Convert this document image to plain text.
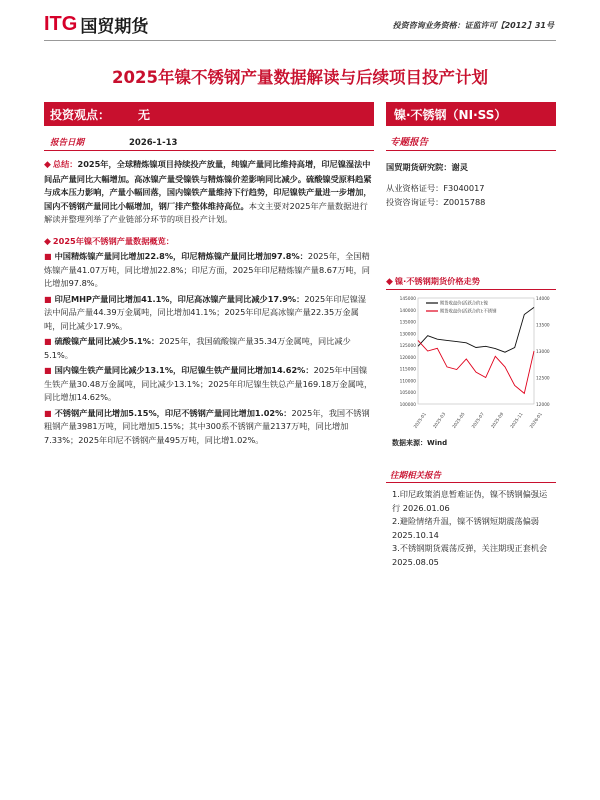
ITG 国贸期货	投资咨询业务资格：证监许可【2012】31号
2025年镍不锈钢产量数据解读与后续项目投产计划
投资观点： 无	镍·不锈钢（NI·SS）
报告日期	2026-1-13	专题报告
◆ 总结：2025年，全球精炼镍项目持续投产放量，纯镍产量同比维持高增，印尼镍湿法中间品产量同比大幅增加。高冰镍产量受镍铁与精炼镍价差影响同比减少。硫酸镍受原料趋紧与成本压力影响，产量小幅回落，国内镍铁产量维持下行趋势，印尼镍铁产量进一步增加，国内不锈钢产量同比小幅增加，钢厂排产整体维持高位。本文主要对2025年产量数据进行解读并整理列举了产业链部分环节的项目投产计划。
◆ 2025年镍不锈钢产量数据概览：
■ 中国精炼镍产量同比增加22.8%，印尼精炼镍产量同比增加97.8%：2025年，全国精炼镍产量41.07万吨，同比增加22.8%；印尼方面，2025年印尼精炼镍产量8.67万吨，同比增加97.8%。
■ 印尼MHP产量同比增加41.1%，印尼高冰镍产量同比减少17.9%：2025年印尼镍湿法中间品产量44.39万金属吨，同比增加41.1%；2025年印尼高冰镍产量22.35万金属吨，同比减少17.9%。
■ 硫酸镍产量同比减少5.1%：2025年，我国硫酸镍产量35.34万金属吨，同比减少5.1%。
■ 国内镍生铁产量同比减少13.1%，印尼镍生铁产量同比增加14.62%：2025年中国镍生铁产量30.48万金属吨，同比减少13.1%；2025年印尼镍生铁总产量169.18万金属吨，同比增加14.62%。
■ 不锈钢产量同比增加5.15%，印尼不锈钢产量同比增加1.02%：2025年，我国不锈钢粗钢产量3981万吨，同比增加5.15%；其中300系不锈钢产量2137万吨，同比增加7.33%；2025年印尼不锈钢产量495万吨，同比增1.02%。
国贸期货研究院：谢灵
从业资格证号：F3040017
投资咨询证号：Z0015788
◆ 镍·不锈钢期货价格走势
145000
140000
135000
130000
125000
120000
115000
110000
105000
100000
14000
13500
13000
12500
12000
2025-01 2025-03 2025-05 2025-07 2025-09 2025-11 2026-01
期货收盘价(活跃合约):镍
期货收盘价(活跃合约):不锈钢
数据来源：Wind
往期相关报告
1.印尼政策消息暂难证伪，镍不锈钢偏强运行 2026.01.06
2.避险情绪升温，镍不锈钢短期震荡偏弱 2025.10.14
3.不锈钢期货震荡反弹，关注期现正套机会 2025.08.05
